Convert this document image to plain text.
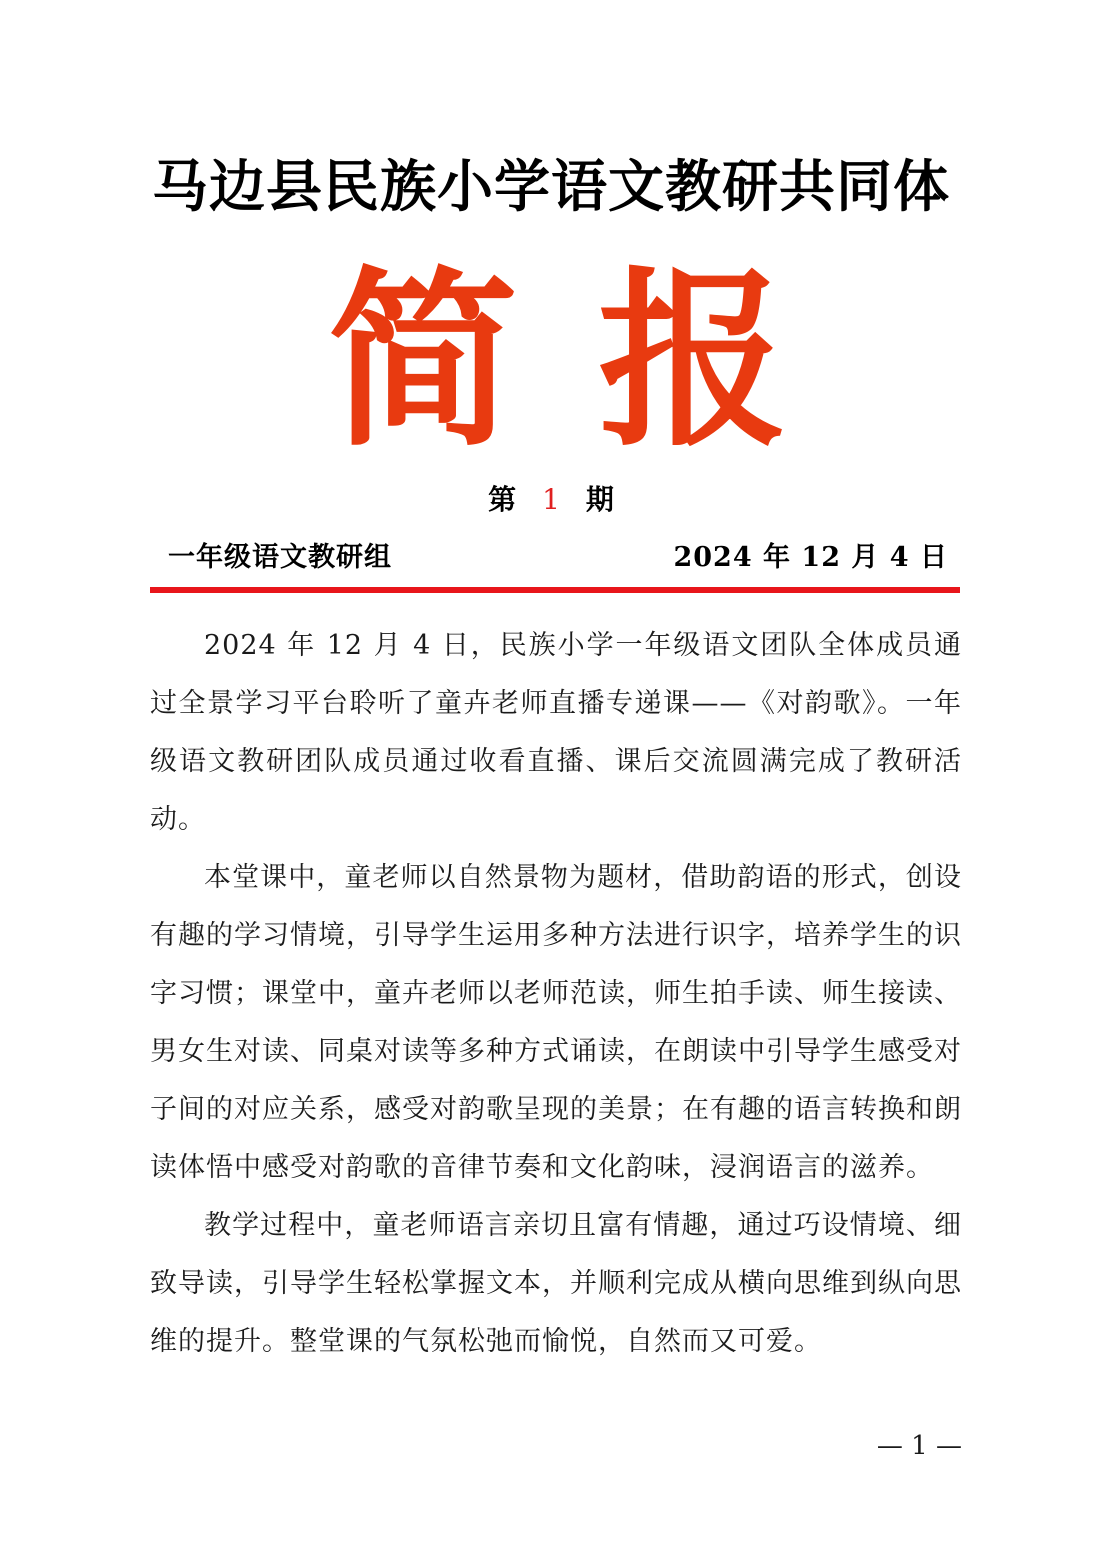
马边县民族小学语文教研共同体
简 报
第 1 期
一年级语文教研组	2024 年 12 月 4 日

2024 年 12 月 4 日，民族小学一年级语文团队全体成员通过全景学习平台聆听了童卉老师直播专递课——《对韵歌》。一年级语文教研团队成员通过收看直播、课后交流圆满完成了教研活动。

本堂课中，童老师以自然景物为题材，借助韵语的形式，创设有趣的学习情境，引导学生运用多种方法进行识字，培养学生的识字习惯；课堂中，童卉老师以老师范读，师生拍手读、师生接读、男女生对读、同桌对读等多种方式诵读，在朗读中引导学生感受对子间的对应关系，感受对韵歌呈现的美景；在有趣的语言转换和朗读体悟中感受对韵歌的音律节奏和文化韵味，浸润语言的滋养。

教学过程中，童老师语言亲切且富有情趣，通过巧设情境、细致导读，引导学生轻松掌握文本，并顺利完成从横向思维到纵向思维的提升。整堂课的气氛松弛而愉悦，自然而又可爱。

— 1 —
